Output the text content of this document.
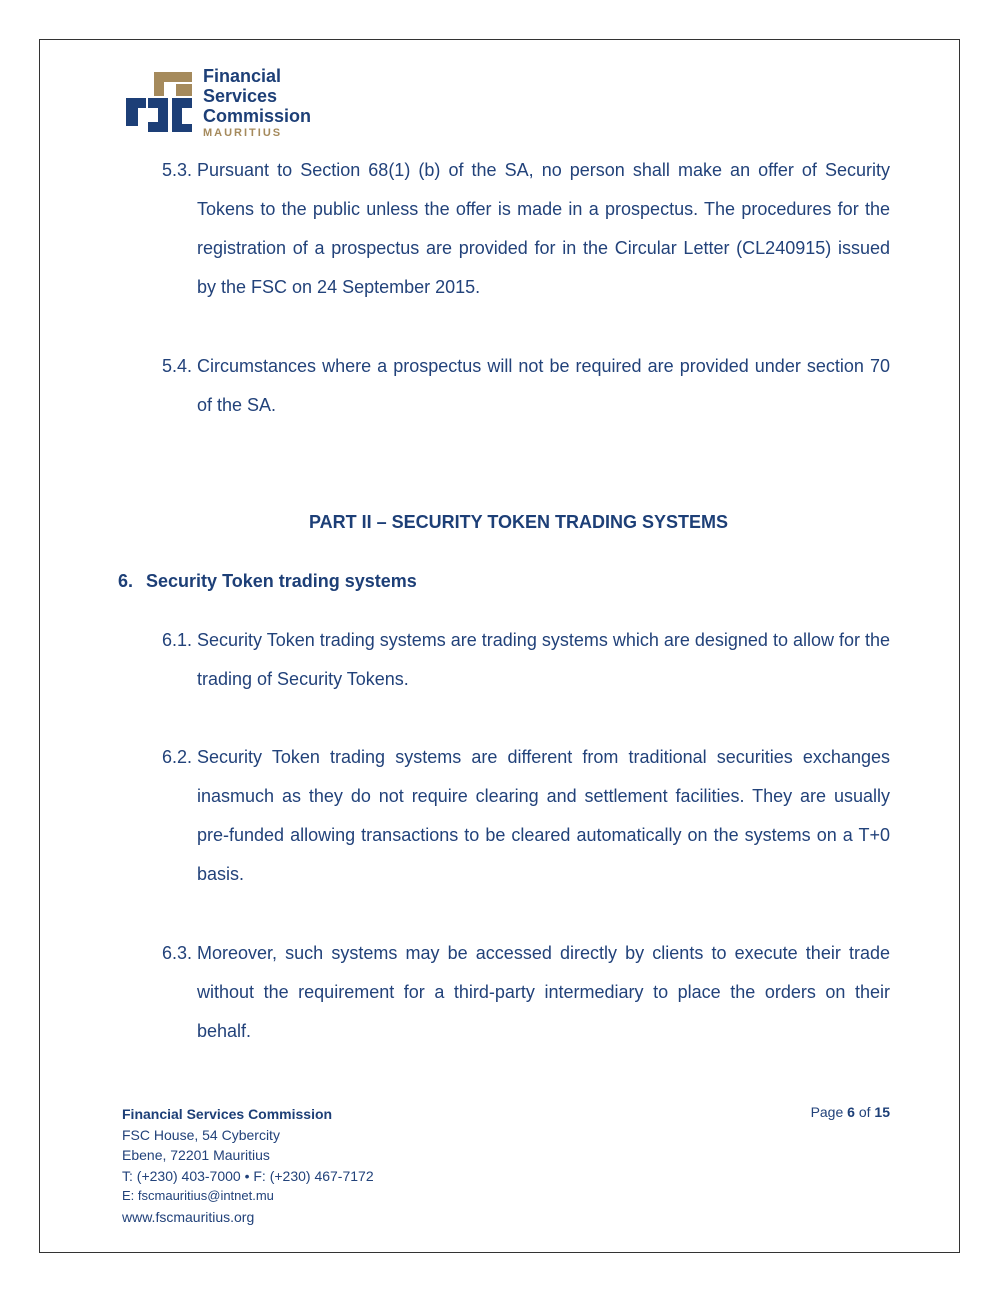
Financial
Services
Commission
MAURITIUS
5.3. Pursuant to Section 68(1) (b) of the SA, no person shall make an offer of Security Tokens to the public unless the offer is made in a prospectus. The procedures for the registration of a prospectus are provided for in the Circular Letter (CL240915) issued by the FSC on 24 September 2015.
5.4. Circumstances where a prospectus will not be required are provided under section 70 of the SA.
PART II – SECURITY TOKEN TRADING SYSTEMS
6. Security Token trading systems
6.1. Security Token trading systems are trading systems which are designed to allow for the trading of Security Tokens.
6.2. Security Token trading systems are different from traditional securities exchanges inasmuch as they do not require clearing and settlement facilities. They are usually pre-funded allowing transactions to be cleared automatically on the systems on a T+0 basis.
6.3. Moreover, such systems may be accessed directly by clients to execute their trade without the requirement for a third-party intermediary to place the orders on their behalf.
Financial Services Commission
FSC House, 54 Cybercity
Ebene, 72201 Mauritius
T: (+230) 403-7000 • F: (+230) 467-7172
E: fscmauritius@intnet.mu
www.fscmauritius.org
Page 6 of 15
